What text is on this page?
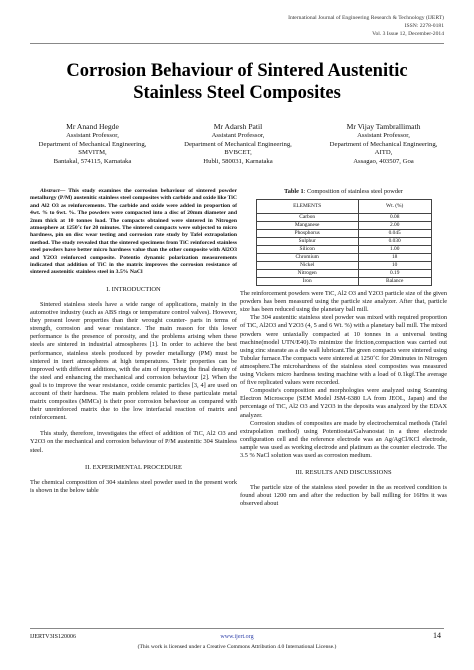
International Journal of Engineering Research & Technology (IJERT)
ISSN: 2278-0181
Vol. 3 Issue 12, December-2014
Corrosion Behaviour of Sintered Austenitic
Stainless Steel Composites
Mr Anand Hegde
Assistant Professor,
Department of Mechanical Engineering,
SMVITM,
Bantakal, 574115, Karnataka
Mr Adarsh Patil
Assistant Professor,
Department of Mechanical Engineering,
BVBCET,
Hubli, 580031, Karnataka
Mr Vijay Tambrallimath
Assistant Professor,
Department of Mechanical Engineering,
AITD,
Assagao, 403507, Goa

Abstract— This study examines the corrosion behaviour of sintered powder metallurgy (P/M) austenitic stainless steel composites with carbide and oxide like TiC and Al2 O3 as reinforcements. The carbide and oxide were added in proportion of 4wt. % to 6wt. %. The powders were compacted into a disc of 20mm diameter and 2mm thick at 10 tonnes load. The compacts obtained were sintered in Nitrogen atmosphere at 1250˚c for 20 minutes. The sintered compacts were subjected to micro hardness, pin on disc wear testing and corrosion rate study by Tafel extrapolation method. The study revealed that the sintered specimens from TiC reinforced stainless steel powders have better micro hardness value than the other composite with Al2O3 and Y2O3 reinforced composite. Potentio dynamic polarization measurements indicated that addition of TiC in the matrix improves the corrosion resistance of sintered austenitic stainless steel in 3.5% NaCl

I. INTRODUCTION

Sintered stainless steels have a wide range of applications, mainly in the automotive industry (such as ABS rings or temperature control valves). However, they present lower properties than their wrought counter- parts in terms of strength, corrosion and wear resistance. The main reason for this lower performance is the presence of porosity, and the problems arising when these steels are sintered in industrial atmospheres [1]. In order to achieve the best performance, stainless steels produced by powder metallurgy (PM) must be sintered in inert atmospheres at high temperatures. Their properties can be improved with different additions, with the aim of improving the final density of the steel and enhancing the mechanical and corrosion behaviour [2]. When the goal is to improve the wear resistance, oxide ceramic particles [3, 4] are used on account of their hardness. The main problem related to these particulate metal matrix composites (MMCs) is their poor corrosion behaviour as compared with their unreinforced matrix due to the low interfacial reaction of matrix and reinforcement.

This study, therefore, investigates the effect of addition of TiC, Al2 O3 and Y2O3 on the mechanical and corrosion behaviour of P/M austenitic 304 Stainless steel.

II. EXPERIMENTAL PROCEDURE

The chemical composition of 304 stainless steel powder used in the present work is shown in the below table

Table 1: Composition of stainless steel powder
ELEMENTS	Wt. (%)
Carbon	0.08
Manganese	2.00
Phosphorus	0.045
Sulphur	0.030
Silicon	1.00
Chromium	18
Nickel	10
Nitrogen	0.19
Iron	Balance

The reinforcement powders were TiC, Al2 O3 and Y2O3 particle size of the given powders has been measured using the particle size analyzer. After that, particle size has been reduced using the planetary ball mill.

The 304 austenitic stainless steel powder was mixed with required proportion of TiC, Al2O3 and Y2O3 (4, 5 and 6 Wt. %) with a planetary ball mill. The mixed powders were uniaxially compacted at 10 tonnes in a universal testing machine(model UTN/E40).To minimize the friction,compaction was carried out using zinc stearate as a die wall lubricant.The green compacts were sintered using Tubular furnace.The compacts were sintered at 1250˚C for 20minutes in Nitrogen atmosphere.The microhardness of the stainless steel composites was measured using Vickers micro hardness testing machine with a load of 0.1kgf.The average of five replicated values were recorded.

Composite's composition and morphologies were analyzed using Scanning Electron Microscope (SEM Model JSM-6380 LA from JEOL, Japan) and the percentage of TiC, Al2 O3 and Y2O3 in the deposits was analyzed by the EDAX analyzer.

Corrosion studies of composites are made by electrochemical methods (Tafel extrapolation method) using Potentiostat/Galvanostat in a three electrode configuration cell and the reference electrode was an Ag/AgCl/KCl electrode, sample was used as working electrode and platinum as the counter electrode. The 3.5 % NaCl solution was used as corrosion medium.

III. RESULTS AND DISCUSSIONS

The particle size of the stainless steel powder in the as received condition is found about 1200 nm and after the reduction by ball milling for 16Hrs it was observed about

IJERTV3IS120006	www.ijert.org	14
(This work is licensed under a Creative Commons Attribution 4.0 International License.)
